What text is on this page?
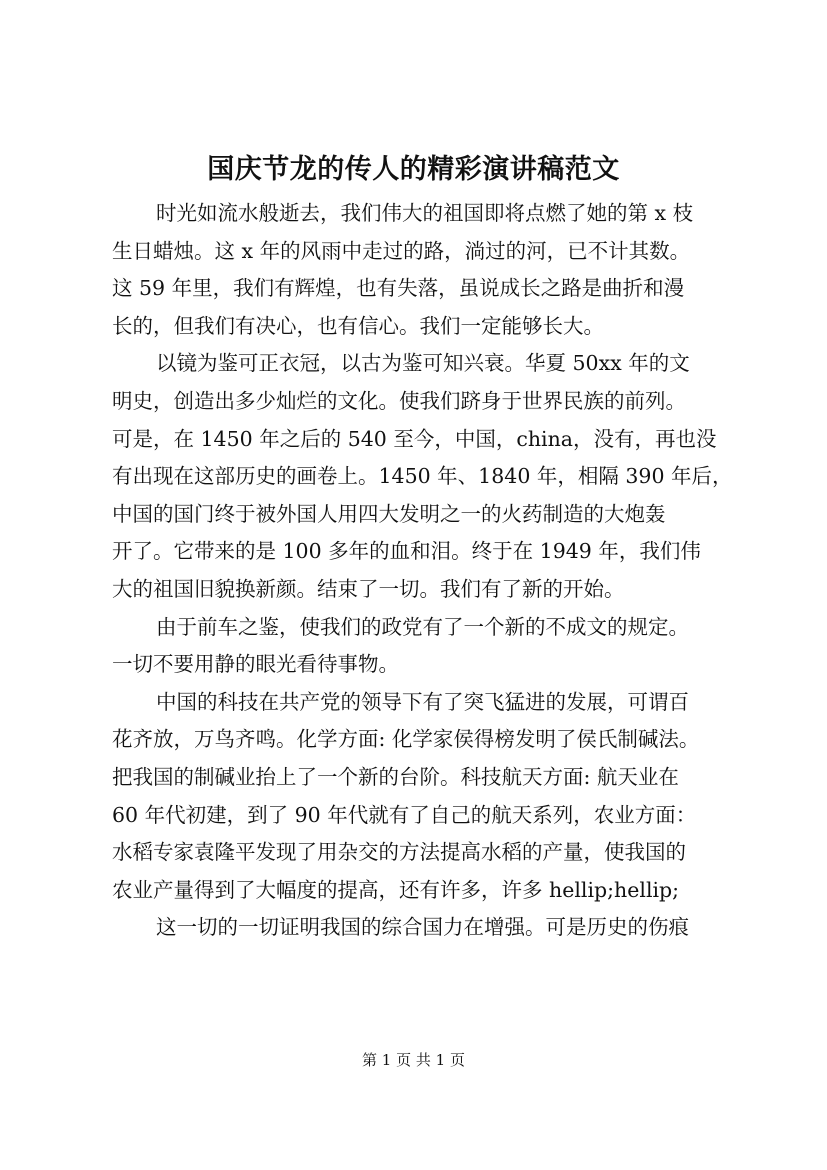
国庆节龙的传人的精彩演讲稿范文
时光如流水般逝去，我们伟大的祖国即将点燃了她的第 x 枝
生日蜡烛。这 x 年的风雨中走过的路，淌过的河，已不计其数。
这 59 年里，我们有辉煌，也有失落，虽说成长之路是曲折和漫
长的，但我们有决心，也有信心。我们一定能够长大。
以镜为鉴可正衣冠，以古为鉴可知兴衰。华夏 50xx 年的文
明史，创造出多少灿烂的文化。使我们跻身于世界民族的前列。
可是，在 1450 年之后的 540 至今，中国，china，没有，再也没
有出现在这部历史的画卷上。1450 年、1840 年，相隔 390 年后，
中国的国门终于被外国人用四大发明之一的火药制造的大炮轰
开了。它带来的是 100 多年的血和泪。终于在 1949 年，我们伟
大的祖国旧貌换新颜。结束了一切。我们有了新的开始。
由于前车之鉴，使我们的政党有了一个新的不成文的规定。
一切不要用静的眼光看待事物。
中国的科技在共产党的领导下有了突飞猛进的发展，可谓百
花齐放，万鸟齐鸣。化学方面: 化学家侯得榜发明了侯氏制碱法。
把我国的制碱业抬上了一个新的台阶。科技航天方面: 航天业在
60 年代初建，到了 90 年代就有了自己的航天系列，农业方面：
水稻专家袁隆平发现了用杂交的方法提高水稻的产量，使我国的
农业产量得到了大幅度的提高，还有许多，许多 hellip;hellip;
这一切的一切证明我国的综合国力在增强。可是历史的伤痕
第 1 页 共 1 页
